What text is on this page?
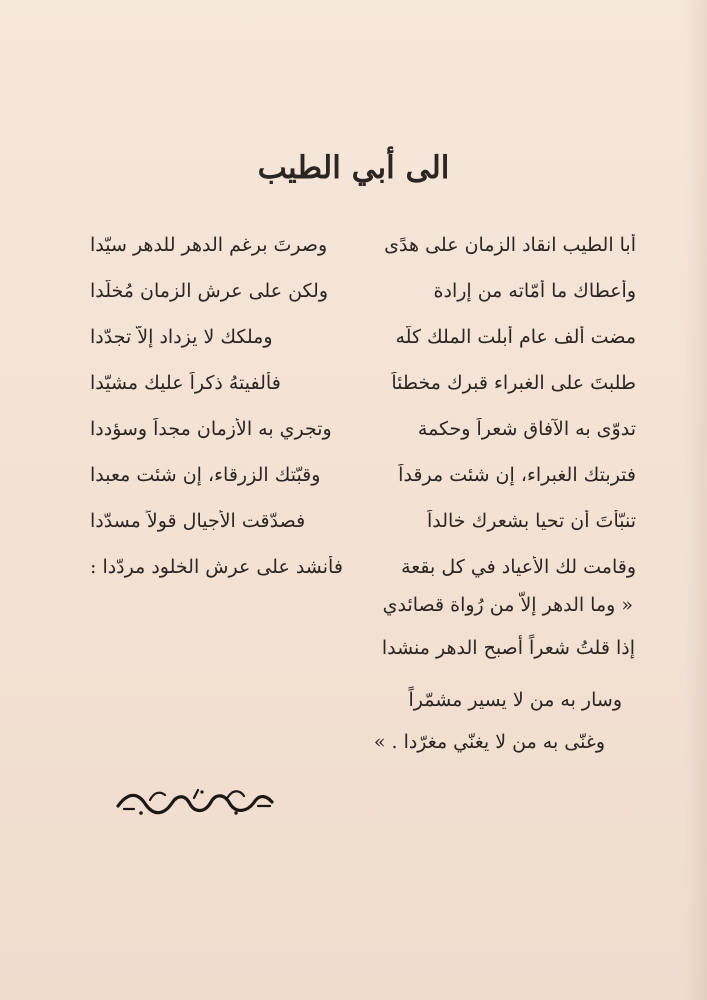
الى أبي الطيب
أبا الطيب انقاد الزمان على هدًى
وصرتَ برغم الدهر للدهر سيّدا
وأعطاك ما أمّاته من إرادة
ولكن على عرش الزمان مُخلّدا
مضت ألف عام أبلت الملك كلّه
وملكك لا يزداد إلاّ تجدّدا
طلبتَ على الغبراء قبرك مخطئاً
فألفيتهُ ذكراً عليك مشيّدا
تدوّى به الآفاق شعراً وحكمة
وتجري به الأزمان مجداً وسؤددا
فتربتك الغبراء، إن شئت مرقداً
وقبّتك الزرقاء، إن شئت معبدا
تنبّأتَ أن تحيا بشعرك خالداً
فصدّقت الأجيال قولاً مسدّدا
وقامت لك الأعياد في كل بقعة
فأنشد على عرش الخلود مردّدا :
« وما الدهر إلاّ من رُواة قصائدي
إذا قلتُ شعراً أصبح الدهر منشدا
وسار به من لا يسير مشمّراً
وغنّى به من لا يغنّي مغرّدا . »
